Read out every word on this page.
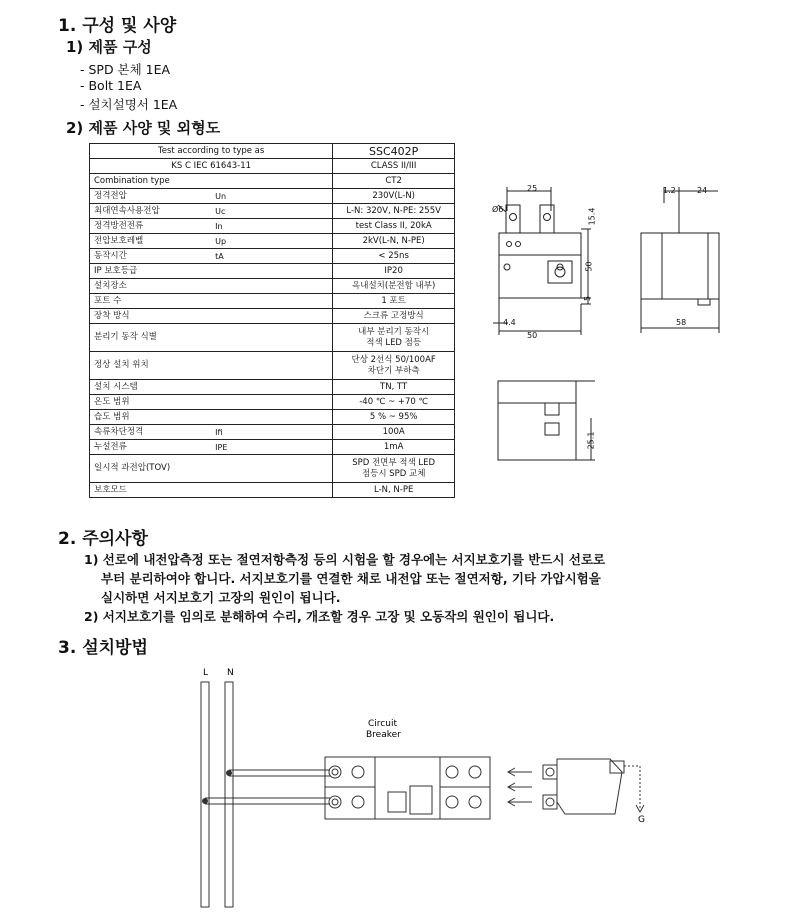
1. 구성 및 사양
1) 제품 구성
- SPD 본체 1EA
- Bolt 1EA
- 설치설명서 1EA
2) 제품 사양 및 외형도
Test according to type as		SSC402P
KS C IEC 61643-11		CLASS II/III
Combination type		CT2
정격전압	Un	230V(L-N)
최대연속사용전압	Uc	L-N: 320V, N-PE: 255V
정격방전전류	In	test Class II, 20kA
전압보호레벨	Up	2kV(L-N, N-PE)
동작시간	tA	< 25ns
IP 보호등급		IP20
설치장소		옥내설치(분전함 내부)
포트 수		1 포트
장착 방식		스크류 고정방식
분리기 동작 식별		내부 분리기 동작시
적색 LED 점등

정상 설치 위치		단상 2선식 50/100AF
차단기 부하측

설치 시스템		TN, TT
온도 범위		-40 ℃ ~ +70 ℃
습도 범위		5 % ~ 95%
속류차단정격	Ifi	100A
누설전류	IPE	1mA
일시적 과전압(TOV)		SPD 전면부 적색 LED
점등시 SPD 교체

보호모드		L-N, N-PE
25
Ø6	15.4
50
5
4.4
50
1.2	24
58
25.1
2. 주의사항
1) 선로에 내전압측정 또는 절연저항측정 등의 시험을 할 경우에는 서지보호기를 반드시 선로로
부터 분리하여야 합니다. 서지보호기를 연결한 채로 내전압 또는 절연저항, 기타 가압시험을
실시하면 서지보호기 고장의 원인이 됩니다.
2) 서지보호기를 임의로 분해하여 수리, 개조할 경우 고장 및 오동작의 원인이 됩니다.
3. 설치방법
L N
Circuit
Breaker
G
